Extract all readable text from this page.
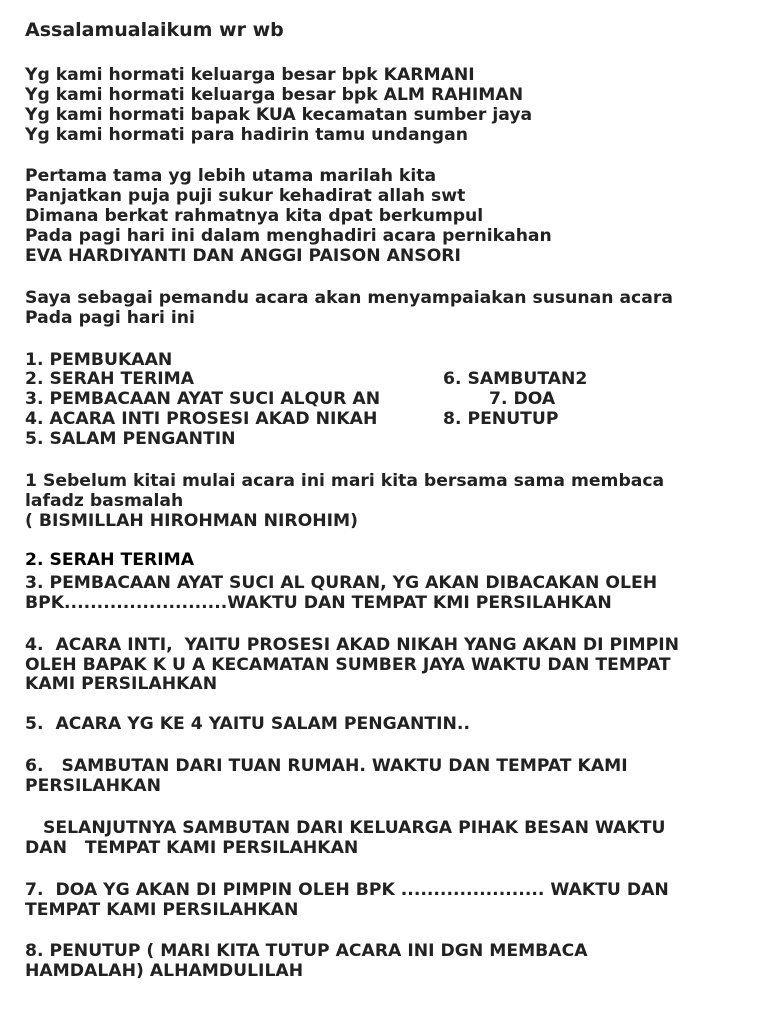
Assalamualaikum wr wb
Yg kami hormati keluarga besar bpk KARMANI
Yg kami hormati keluarga besar bpk ALM RAHIMAN
Yg kami hormati bapak KUA kecamatan sumber jaya
Yg kami hormati para hadirin tamu undangan
Pertama tama yg lebih utama marilah kita
Panjatkan puja puji sukur kehadirat allah swt
Dimana berkat rahmatnya kita dpat berkumpul
Pada pagi hari ini dalam menghadiri acara pernikahan
EVA HARDIYANTI DAN ANGGI PAISON ANSORI
Saya sebagai pemandu acara akan menyampaiakan susunan acara
Pada pagi hari ini
1. PEMBUKAAN
2. SERAH TERIMA
3. PEMBACAAN AYAT SUCI ALQUR AN
4. ACARA INTI PROSESI AKAD NIKAH
5. SALAM PENGANTIN
6. SAMBUTAN2
7. DOA
8. PENUTUP
1 Sebelum kitai mulai acara ini mari kita bersama sama membaca
lafadz basmalah
( BISMILLAH HIROHMAN NIROHIM)
2. SERAH TERIMA
3. PEMBACAAN AYAT SUCI AL QURAN, YG AKAN DIBACAKAN OLEH
BPK.........................WAKTU DAN TEMPAT KMI PERSILAHKAN
4.  ACARA INTI,  YAITU PROSESI AKAD NIKAH YANG AKAN DI PIMPIN
OLEH BAPAK K U A KECAMATAN SUMBER JAYA WAKTU DAN TEMPAT
KAMI PERSILAHKAN
5.  ACARA YG KE 4 YAITU SALAM PENGANTIN..
6.   SAMBUTAN DARI TUAN RUMAH. WAKTU DAN TEMPAT KAMI
PERSILAHKAN
SELANJUTNYA SAMBUTAN DARI KELUARGA PIHAK BESAN WAKTU
DAN   TEMPAT KAMI PERSILAHKAN
7.  DOA YG AKAN DI PIMPIN OLEH BPK ...................... WAKTU DAN
TEMPAT KAMI PERSILAHKAN
8. PENUTUP ( MARI KITA TUTUP ACARA INI DGN MEMBACA
HAMDALAH) ALHAMDULILAH
